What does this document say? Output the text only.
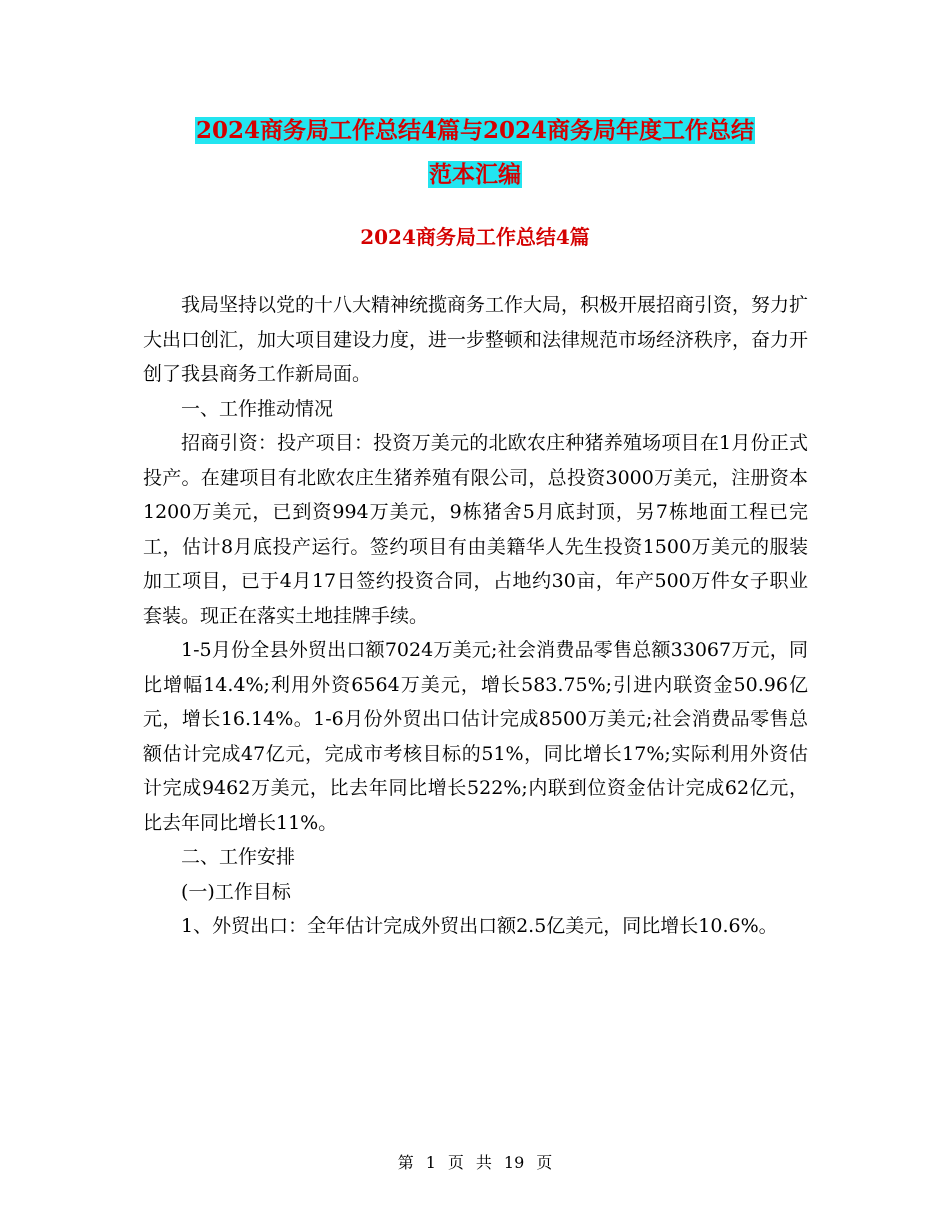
2024商务局工作总结4篇与2024商务局年度工作总结
范本汇编
2024商务局工作总结4篇

我局坚持以党的十八大精神统揽商务工作大局，积极开展招商引资，努力扩大出口创汇，加大项目建设力度，进一步整顿和法律规范市场经济秩序，奋力开创了我县商务工作新局面。

一、工作推动情况

招商引资：投产项目：投资万美元的北欧农庄种猪养殖场项目在1月份正式投产。在建项目有北欧农庄生猪养殖有限公司，总投资3000万美元，注册资本1200万美元，已到资994万美元，9栋猪舍5月底封顶，另7栋地面工程已完工，估计8月底投产运行。签约项目有由美籍华人先生投资1500万美元的服装加工项目，已于4月17日签约投资合同，占地约30亩，年产500万件女子职业套装。现正在落实土地挂牌手续。

1-5月份全县外贸出口额7024万美元;社会消费品零售总额33067万元，同比增幅14.4%;利用外资6564万美元，增长583.75%;引进内联资金50.96亿元，增长16.14%。1-6月份外贸出口估计完成8500万美元;社会消费品零售总额估计完成47亿元，完成市考核目标的51%，同比增长17%;实际利用外资估计完成9462万美元，比去年同比增长522%;内联到位资金估计完成62亿元，比去年同比增长11%。

二、工作安排

(一)工作目标

1、外贸出口：全年估计完成外贸出口额2.5亿美元，同比增长10.6%。

第 1 页 共 19 页
